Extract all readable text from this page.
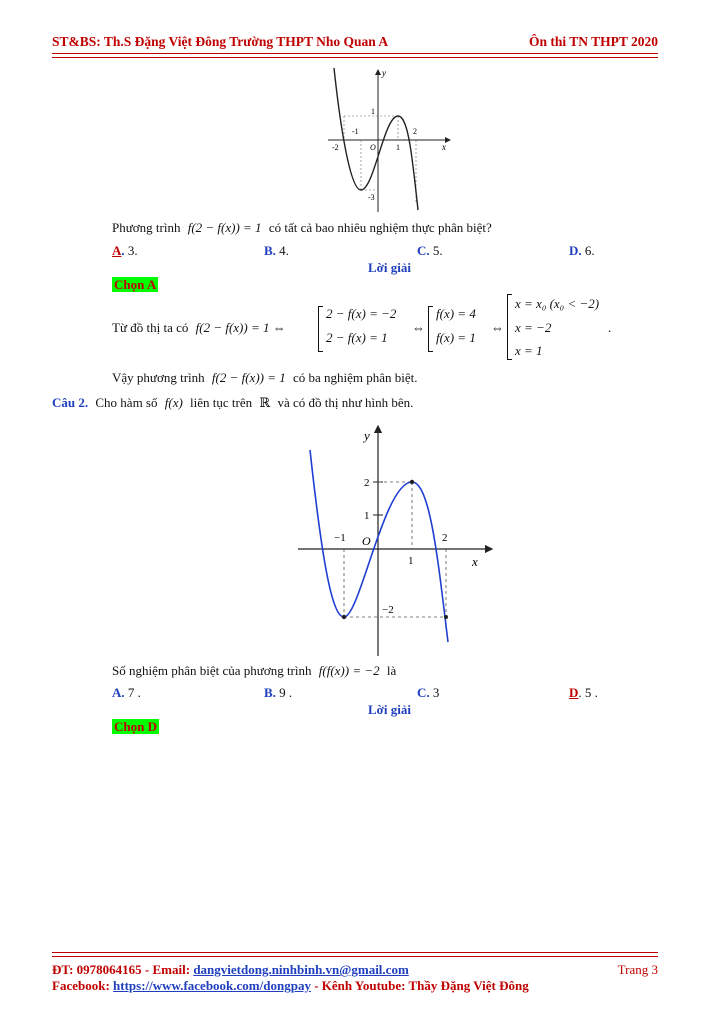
ST&BS: Th.S Đặng Việt Đông Trường THPT Nho Quan A	Ôn thi TN THPT 2020
y
x
-2
-1
O	1
2
1
-3
Phương trình f(2 − f(x)) = 1 có tất cả bao nhiêu nghiệm thực phân biệt?
A. 3.	B. 4.	C. 5.	D. 6.
Lời giải
Chọn A
Từ đồ thị ta có f(2 − f(x)) = 1 ⇔
2 − f(x) = −2
2 − f(x) = 1
⇔
f(x) = 4
f(x) = 1
⇔
x = x₀ (x₀ < −2)
x = −2
x = 1
.
Vậy phương trình f(2 − f(x)) = 1 có ba nghiệm phân biệt.
Câu 2. Cho hàm số f(x) liên tục trên ℝ và có đồ thị như hình bên.
y
x
−1 O
1
2
2
1
−2
Số nghiệm phân biệt của phương trình f(f(x)) = −2 là
A. 7 .	B. 9 .	C. 3	D. 5 .
Lời giải
Chọn D
ĐT: 0978064165 - Email: dangvietdong.ninhbinh.vn@gmail.com	Trang 3
Facebook: https://www.facebook.com/dongpay - Kênh Youtube: Thầy Đặng Việt Đông
